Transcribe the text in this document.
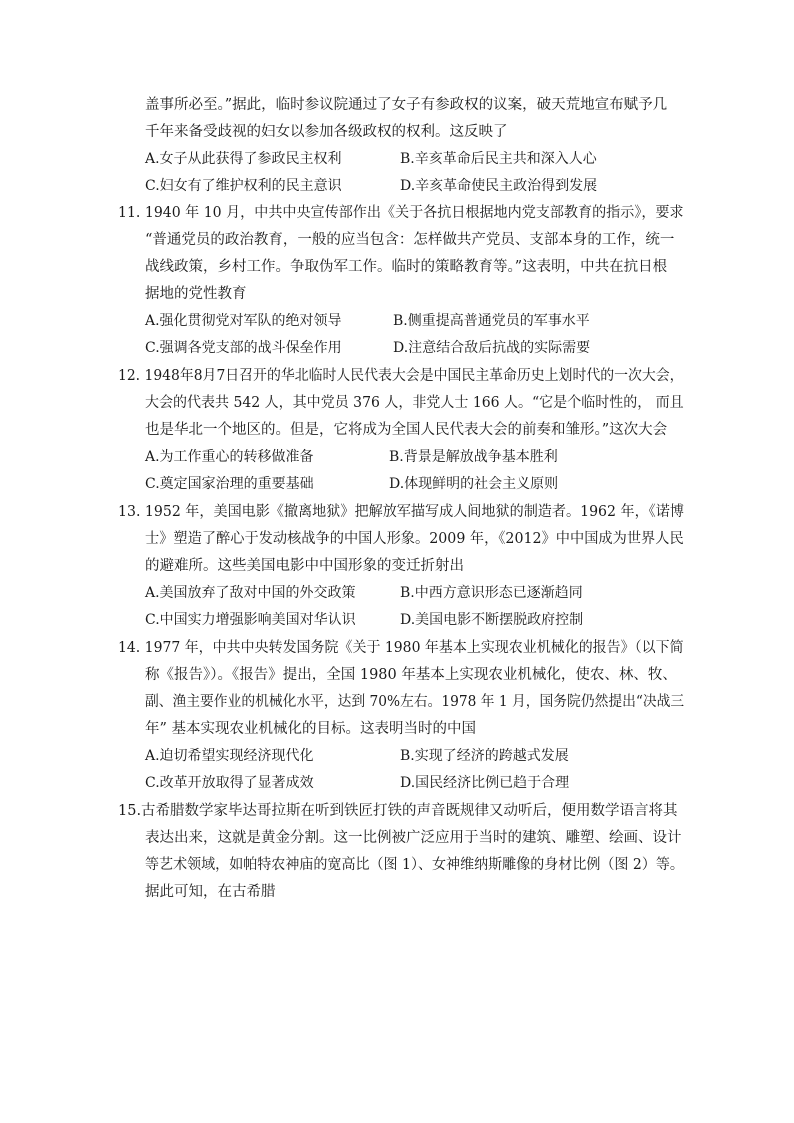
盖事所必至。”据此，临时参议院通过了女子有参政权的议案，破天荒地宣布赋予几
千年来备受歧视的妇女以参加各级政权的权利。这反映了
A.女子从此获得了参政民主权利	B.辛亥革命后民主共和深入人心
C.妇女有了维护权利的民主意识	D.辛亥革命使民主政治得到发展
11. 1940 年 10 月，中共中央宣传部作出《关于各抗日根据地内党支部教育的指示》，要求
“普通党员的政治教育，一般的应当包含：怎样做共产党员、支部本身的工作，统一
战线政策，乡村工作。争取伪军工作。临时的策略教育等。”这表明，中共在抗日根
据地的党性教育
A.强化贯彻党对军队的绝对领导	B.侧重提高普通党员的军事水平
C.强调各党支部的战斗保垒作用	D.注意结合敌后抗战的实际需要
12. 1948年8月7日召开的华北临时人民代表大会是中国民主革命历史上划时代的一次大会，
大会的代表共 542 人，其中党员 376 人，非党人士 166 人。“它是个临时性的， 而且
也是华北一个地区的。但是，它将成为全国人民代表大会的前奏和雏形。”这次大会
A.为工作重心的转移做准备	B.背景是解放战争基本胜利
C.奠定国家治理的重要基础	D.体现鲜明的社会主义原则
13. 1952 年，美国电影《撤离地狱》把解放军描写成人间地狱的制造者。1962 年，《诺博
士》塑造了醉心于发动核战争的中国人形象。2009 年，《2012》中中国成为世界人民
的避难所。这些美国电影中中国形象的变迁折射出
A.美国放弃了敌对中国的外交政策	B.中西方意识形态已逐渐趋同
C.中国实力增强影响美国对华认识	D.美国电影不断摆脱政府控制
14. 1977 年，中共中央转发国务院《关于 1980 年基本上实现农业机械化的报告》（以下简
称《报告》）。《报告》提出，全国 1980 年基本上实现农业机械化，使农、林、牧、
副、渔主要作业的机械化水平，达到 70%左右。1978 年 1 月，国务院仍然提出“决战三
年” 基本实现农业机械化的目标。这表明当时的中国
A.迫切希望实现经济现代化	B.实现了经济的跨越式发展
C.改革开放取得了显著成效	D.国民经济比例已趋于合理
15.古希腊数学家毕达哥拉斯在听到铁匠打铁的声音既规律又动听后，便用数学语言将其
表达出来，这就是黄金分割。这一比例被广泛应用于当时的建筑、雕塑、绘画、设计
等艺术领域，如帕特农神庙的宽高比（图 1）、女神维纳斯雕像的身材比例（图 2）等。
据此可知，在古希腊
